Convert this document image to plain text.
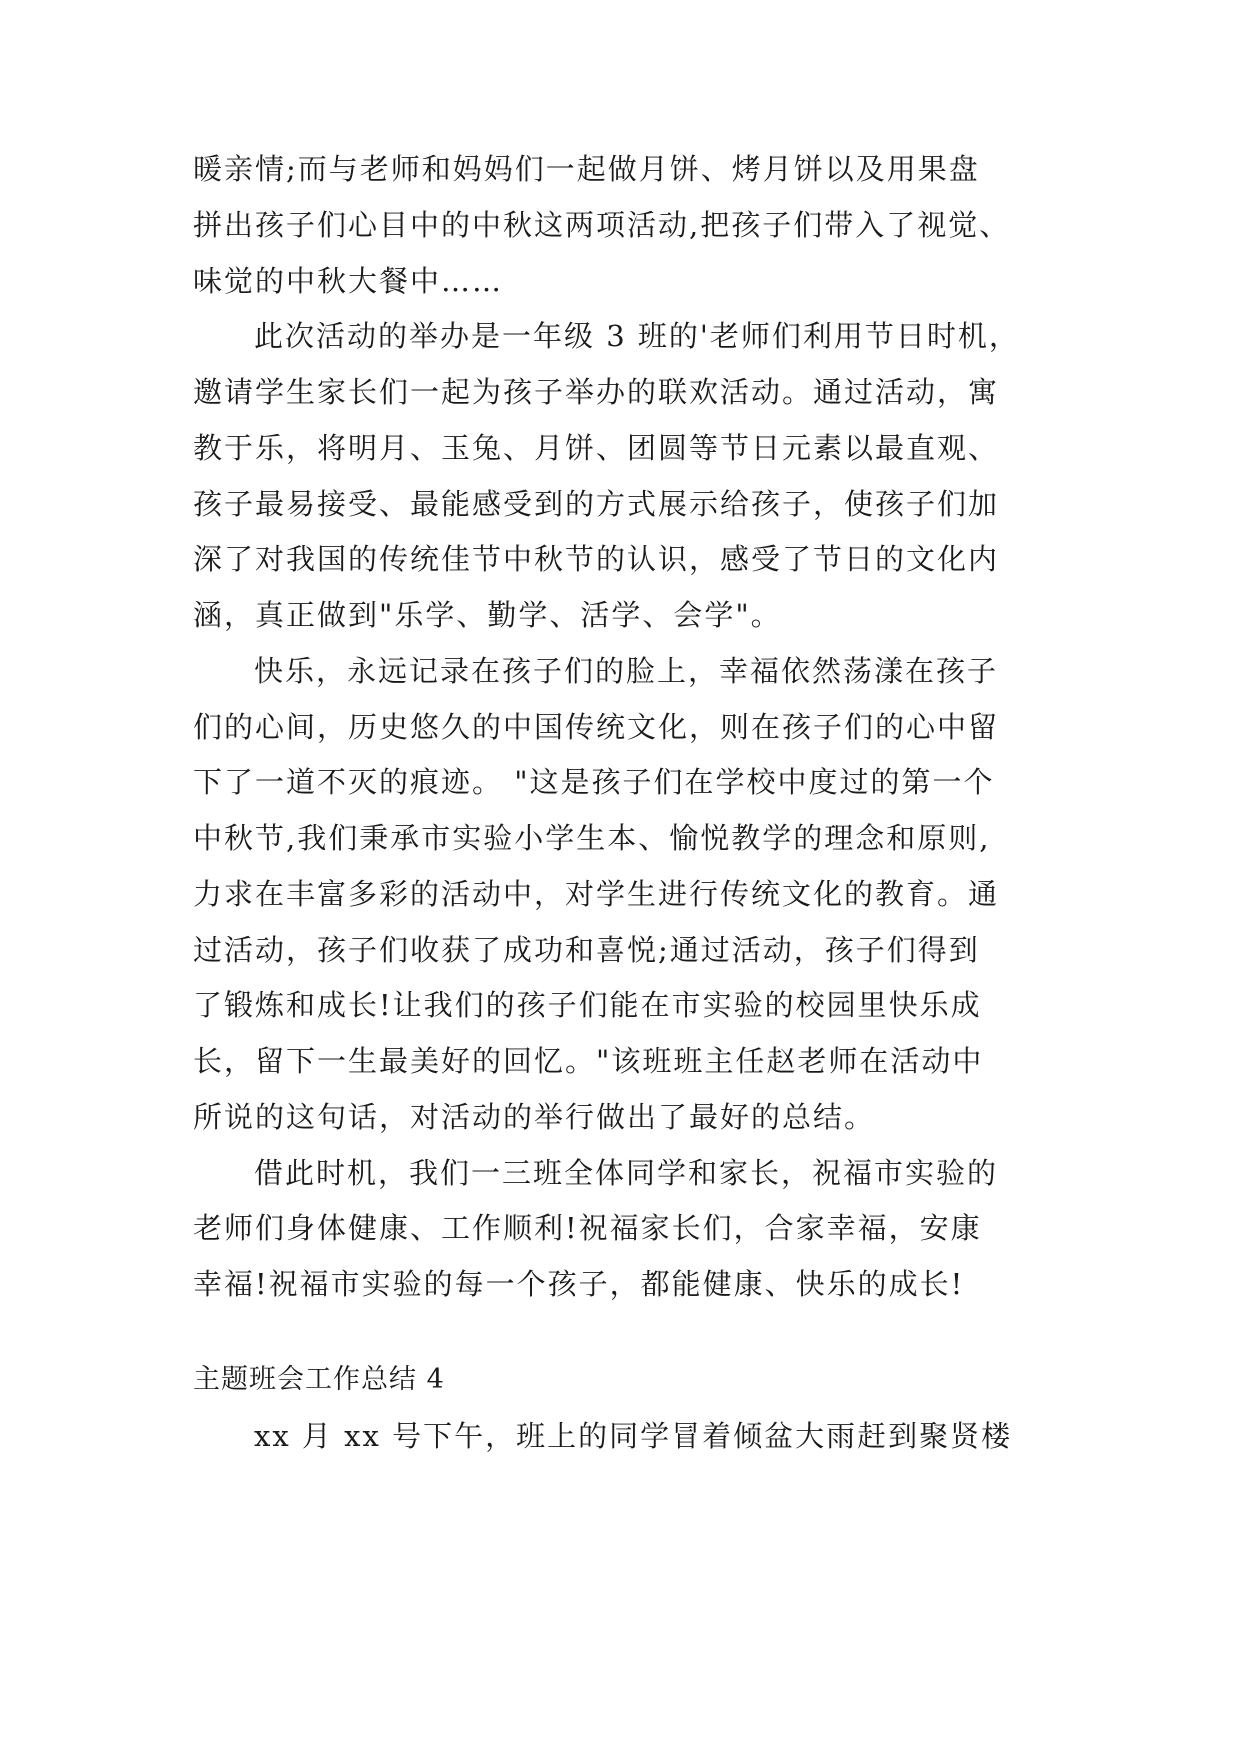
暖亲情;而与老师和妈妈们一起做月饼、烤月饼以及用果盘
拼出孩子们心目中的中秋这两项活动,把孩子们带入了视觉、
味觉的中秋大餐中……
此次活动的举办是一年级 3 班的'老师们利用节日时机，
邀请学生家长们一起为孩子举办的联欢活动。通过活动，寓
教于乐，将明月、玉兔、月饼、团圆等节日元素以最直观、
孩子最易接受、最能感受到的方式展示给孩子，使孩子们加
深了对我国的传统佳节中秋节的认识，感受了节日的文化内
涵，真正做到"乐学、勤学、活学、会学"。
快乐，永远记录在孩子们的脸上，幸福依然荡漾在孩子
们的心间，历史悠久的中国传统文化，则在孩子们的心中留
下了一道不灭的痕迹。 "这是孩子们在学校中度过的第一个
中秋节,我们秉承市实验小学生本、愉悦教学的理念和原则,
力求在丰富多彩的活动中，对学生进行传统文化的教育。通
过活动，孩子们收获了成功和喜悦;通过活动，孩子们得到
了锻炼和成长!让我们的孩子们能在市实验的校园里快乐成
长，留下一生最美好的回忆。"该班班主任赵老师在活动中
所说的这句话，对活动的举行做出了最好的总结。
借此时机，我们一三班全体同学和家长，祝福市实验的
老师们身体健康、工作顺利!祝福家长们，合家幸福，安康
幸福!祝福市实验的每一个孩子，都能健康、快乐的成长!
主题班会工作总结 4
xx 月 xx 号下午，班上的同学冒着倾盆大雨赶到聚贤楼
